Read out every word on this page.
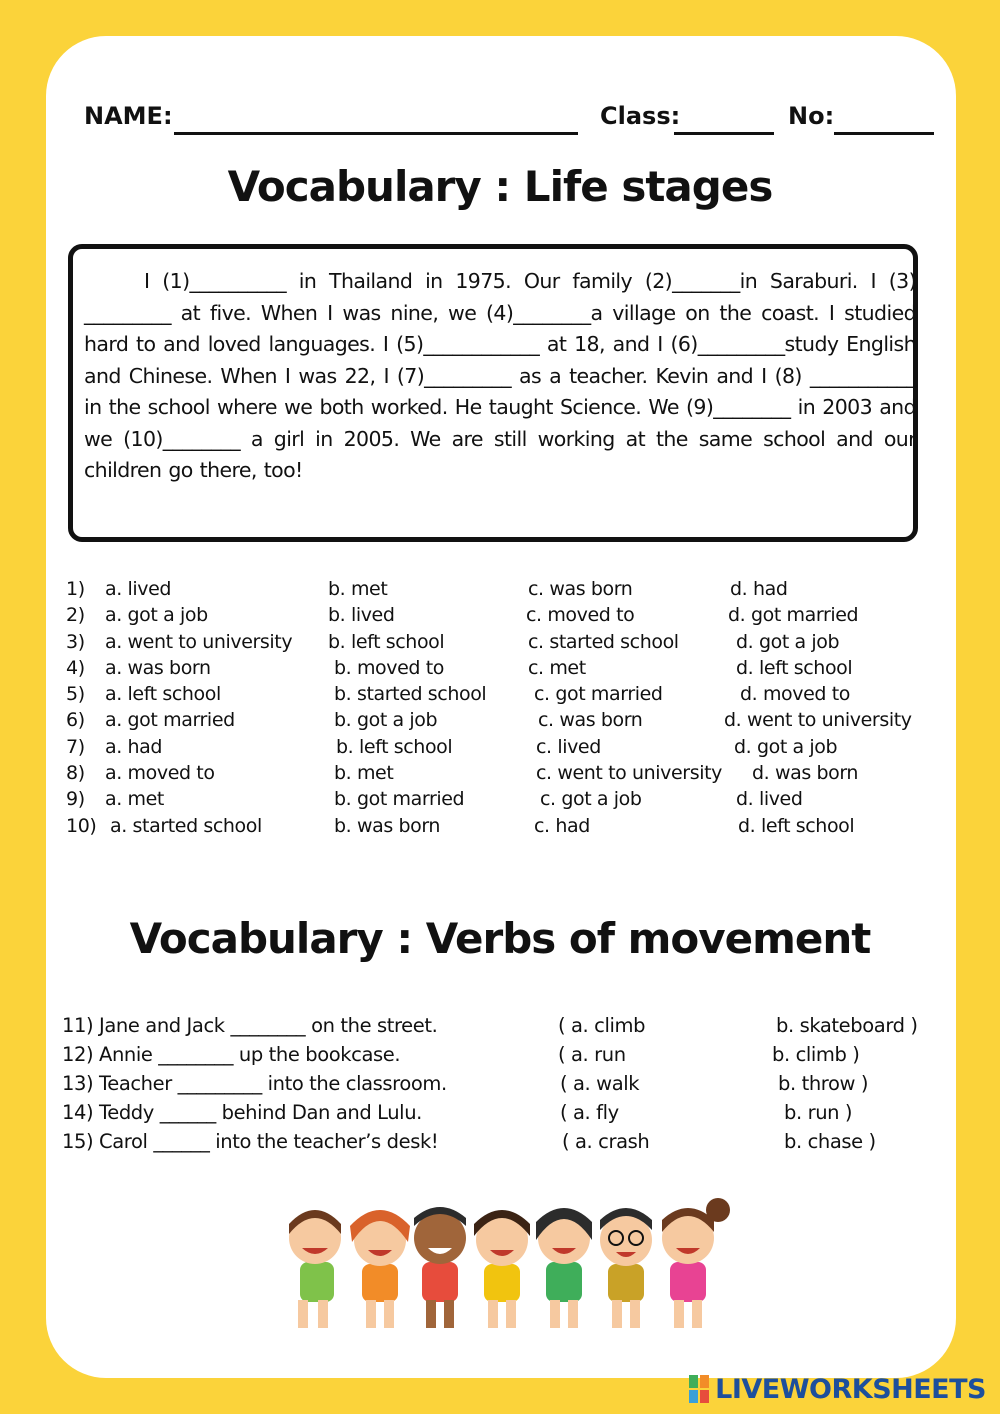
NAME:	Class:	No:
Vocabulary : Life stages
I (1)__________ in Thailand in 1975. Our family (2)_______in Saraburi. I (3) _________ at five. When I was nine, we (4)________a village on the coast. I studied hard to and loved languages. I (5)____________ at 18, and I (6)_________study English and Chinese. When I was 22, I (7)_________ as a teacher. Kevin and I (8) ___________ in the school where we both worked. He taught Science. We (9)________ in 2003 and we (10)________ a girl in 2005. We are still working at the same school and our children go there, too!
1) a. lived	b. met	c. was born	d. had
2) a. got a job	b. lived	c. moved to	d. got married
3) a. went to university b. left school	c. started school	d. got a job
4) a. was born	b. moved to	c. met	d. left school
5) a. left school	b. started school	c. got married	d. moved to
6) a. got married	b. got a job	c. was born	d. went to university
7) a. had	b. left school	c. lived	d. got a job
8) a. moved to	b. met	c. went to university d. was born
9) a. met	b. got married	c. got a job	d. lived
10) a. started school	b. was born	c. had	d. left school
Vocabulary : Verbs of movement
11) Jane and Jack ________ on the street.	( a. climb	b. skateboard )
12) Annie ________ up the bookcase.	( a. run	b. climb )
13) Teacher _________ into the classroom.	( a. walk	b. throw )
14) Teddy ______ behind Dan and Lulu.	( a. fly	b. run )
15) Carol ______ into the teacher’s desk!	( a. crash	b. chase )
LIVEWORKSHEETS
